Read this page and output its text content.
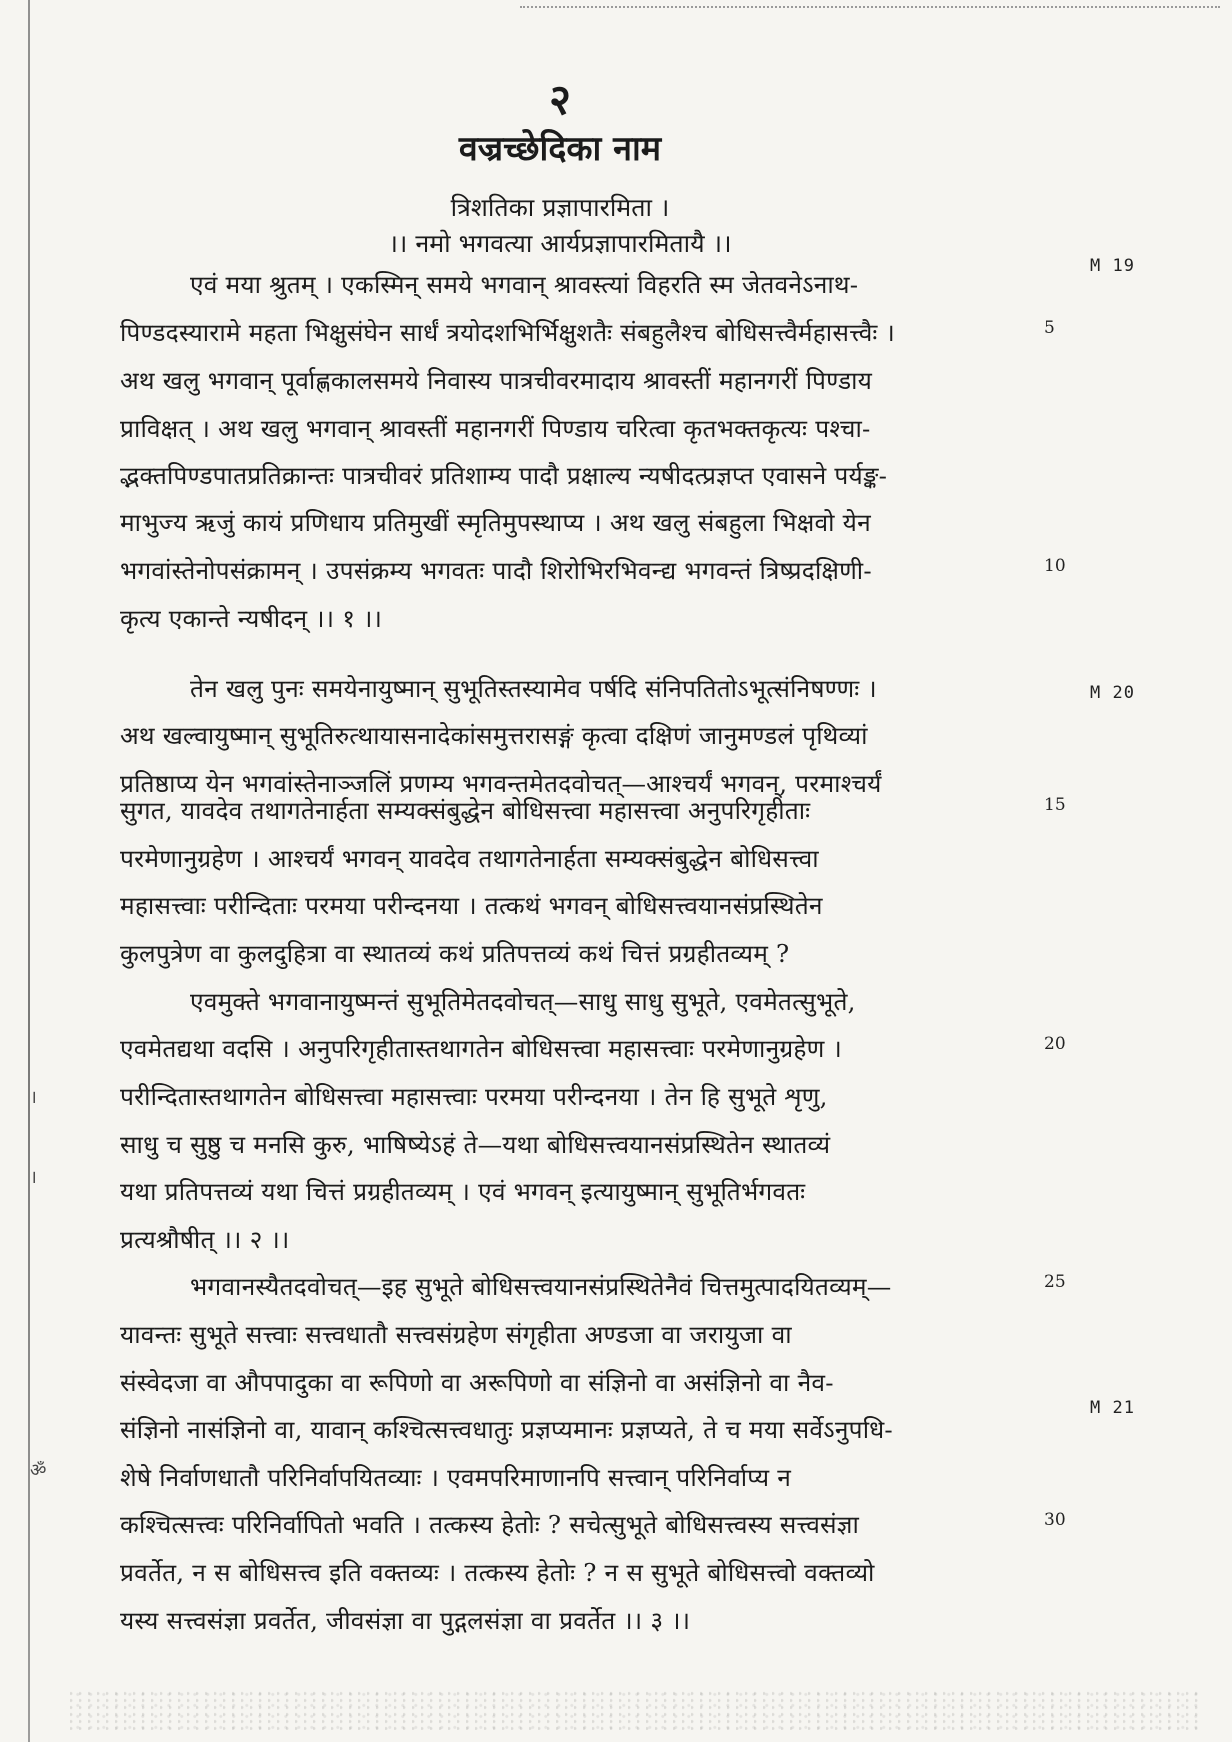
।
।
ॐ
२
वज्रच्छेदिका नाम
त्रिशतिका प्रज्ञापारमिता ।
।। नमो भगवत्या आर्यप्रज्ञापारमितायै ।।
M 19
M 20
M 21
5
10
15
20
25
30
एवं मया श्रुतम् । एकस्मिन् समये भगवान् श्रावस्त्यां विहरति स्म जेतवनेऽनाथ-
पिण्डदस्यारामे महता भिक्षुसंघेन सार्धं त्रयोदशभिर्भिक्षुशतैः संबहुलैश्च बोधिसत्त्वैर्महासत्त्वैः ।
अथ खलु भगवान् पूर्वाह्णकालसमये निवास्य पात्रचीवरमादाय श्रावस्तीं महानगरीं पिण्डाय
प्राविक्षत् । अथ खलु भगवान् श्रावस्तीं महानगरीं पिण्डाय चरित्वा कृतभक्तकृत्यः पश्चा-
द्भक्तपिण्डपातप्रतिक्रान्तः पात्रचीवरं प्रतिशाम्य पादौ प्रक्षाल्य न्यषीदत्प्रज्ञप्त एवासने पर्यङ्क-
माभुज्य ऋजुं कायं प्रणिधाय प्रतिमुखीं स्मृतिमुपस्थाप्य । अथ खलु संबहुला भिक्षवो येन
भगवांस्तेनोपसंक्रामन् । उपसंक्रम्य भगवतः पादौ शिरोभिरभिवन्द्य भगवन्तं त्रिष्प्रदक्षिणी-
कृत्य एकान्ते न्यषीदन् ।। १ ।।
तेन खलु पुनः समयेनायुष्मान् सुभूतिस्तस्यामेव पर्षदि संनिपतितोऽभूत्संनिषण्णः ।
अथ खल्वायुष्मान् सुभूतिरुत्थायासनादेकांसमुत्तरासङ्गं कृत्वा दक्षिणं जानुमण्डलं पृथिव्यां
प्रतिष्ठाप्य येन भगवांस्तेनाञ्जलिं प्रणम्य भगवन्तमेतदवोचत्—आश्चर्यं भगवन्, परमाश्चर्यं
सुगत, यावदेव तथागतेनार्हता सम्यक्संबुद्धेन बोधिसत्त्वा महासत्त्वा अनुपरिगृहीताः
परमेणानुग्रहेण । आश्चर्यं भगवन् यावदेव तथागतेनार्हता सम्यक्संबुद्धेन बोधिसत्त्वा
महासत्त्वाः परीन्दिताः परमया परीन्दनया । तत्कथं भगवन् बोधिसत्त्वयानसंप्रस्थितेन
कुलपुत्रेण वा कुलदुहित्रा वा स्थातव्यं कथं प्रतिपत्तव्यं कथं चित्तं प्रग्रहीतव्यम् ?
एवमुक्ते भगवानायुष्मन्तं सुभूतिमेतदवोचत्—साधु साधु सुभूते, एवमेतत्सुभूते,
एवमेतद्यथा वदसि । अनुपरिगृहीतास्तथागतेन बोधिसत्त्वा महासत्त्वाः परमेणानुग्रहेण ।
परीन्दितास्तथागतेन बोधिसत्त्वा महासत्त्वाः परमया परीन्दनया । तेन हि सुभूते शृणु,
साधु च सुष्ठु च मनसि कुरु, भाषिष्येऽहं ते—यथा बोधिसत्त्वयानसंप्रस्थितेन स्थातव्यं
यथा प्रतिपत्तव्यं यथा चित्तं प्रग्रहीतव्यम् । एवं भगवन् इत्यायुष्मान् सुभूतिर्भगवतः
प्रत्यश्रौषीत् ।। २ ।।
भगवानस्यैतदवोचत्—इह सुभूते बोधिसत्त्वयानसंप्रस्थितेनैवं चित्तमुत्पादयितव्यम्—
यावन्तः सुभूते सत्त्वाः सत्त्वधातौ सत्त्वसंग्रहेण संगृहीता अण्डजा वा जरायुजा वा
संस्वेदजा वा औपपादुका वा रूपिणो वा अरूपिणो वा संज्ञिनो वा असंज्ञिनो वा नैव-
संज्ञिनो नासंज्ञिनो वा, यावान् कश्चित्सत्त्वधातुः प्रज्ञप्यमानः प्रज्ञप्यते, ते च मया सर्वेऽनुपधि-
शेषे निर्वाणधातौ परिनिर्वापयितव्याः । एवमपरिमाणानपि सत्त्वान् परिनिर्वाप्य न
कश्चित्सत्त्वः परिनिर्वापितो भवति । तत्कस्य हेतोः ? सचेत्सुभूते बोधिसत्त्वस्य सत्त्वसंज्ञा
प्रवर्तेत, न स बोधिसत्त्व इति वक्तव्यः । तत्कस्य हेतोः ? न स सुभूते बोधिसत्त्वो वक्तव्यो
यस्य सत्त्वसंज्ञा प्रवर्तेत, जीवसंज्ञा वा पुद्गलसंज्ञा वा प्रवर्तेत ।। ३ ।।
